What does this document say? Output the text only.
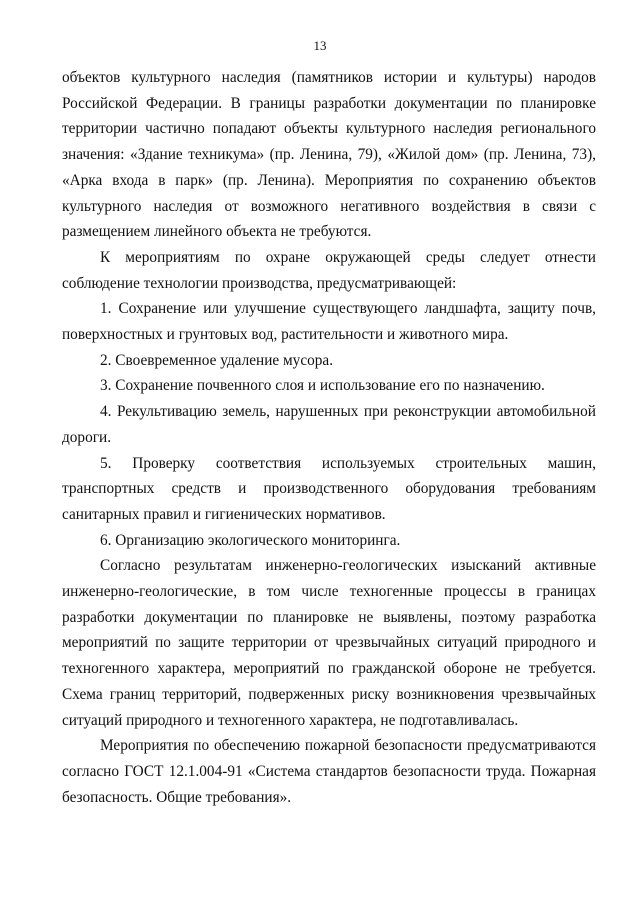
13

объектов культурного наследия (памятников истории и культуры) народов Российской Федерации. В границы разработки документации по планировке территории частично попадают объекты культурного наследия регионального значения: «Здание техникума» (пр. Ленина, 79), «Жилой дом» (пр. Ленина, 73), «Арка входа в парк» (пр. Ленина). Мероприятия по сохранению объектов культурного наследия от возможного негативного воздействия в связи с размещением линейного объекта не требуются.

К мероприятиям по охране окружающей среды следует отнести соблюдение технологии производства, предусматривающей:

1. Сохранение или улучшение существующего ландшафта, защиту почв, поверхностных и грунтовых вод, растительности и животного мира.

2. Своевременное удаление мусора.

3. Сохранение почвенного слоя и использование его по назначению.

4. Рекультивацию земель, нарушенных при реконструкции автомобильной дороги.

5. Проверку соответствия используемых строительных машин, транспортных средств и производственного оборудования требованиям санитарных правил и гигиенических нормативов.

6. Организацию экологического мониторинга.

Согласно результатам инженерно-геологических изысканий активные инженерно-геологические, в том числе техногенные процессы в границах разработки документации по планировке не выявлены, поэтому разработка мероприятий по защите территории от чрезвычайных ситуаций природного и техногенного характера, мероприятий по гражданской обороне не требуется. Схема границ территорий, подверженных риску возникновения чрезвычайных ситуаций природного и техногенного характера, не подготавливалась.

Мероприятия по обеспечению пожарной безопасности предусматриваются согласно ГОСТ 12.1.004-91 «Система стандартов безопасности труда. Пожарная безопасность. Общие требования».
